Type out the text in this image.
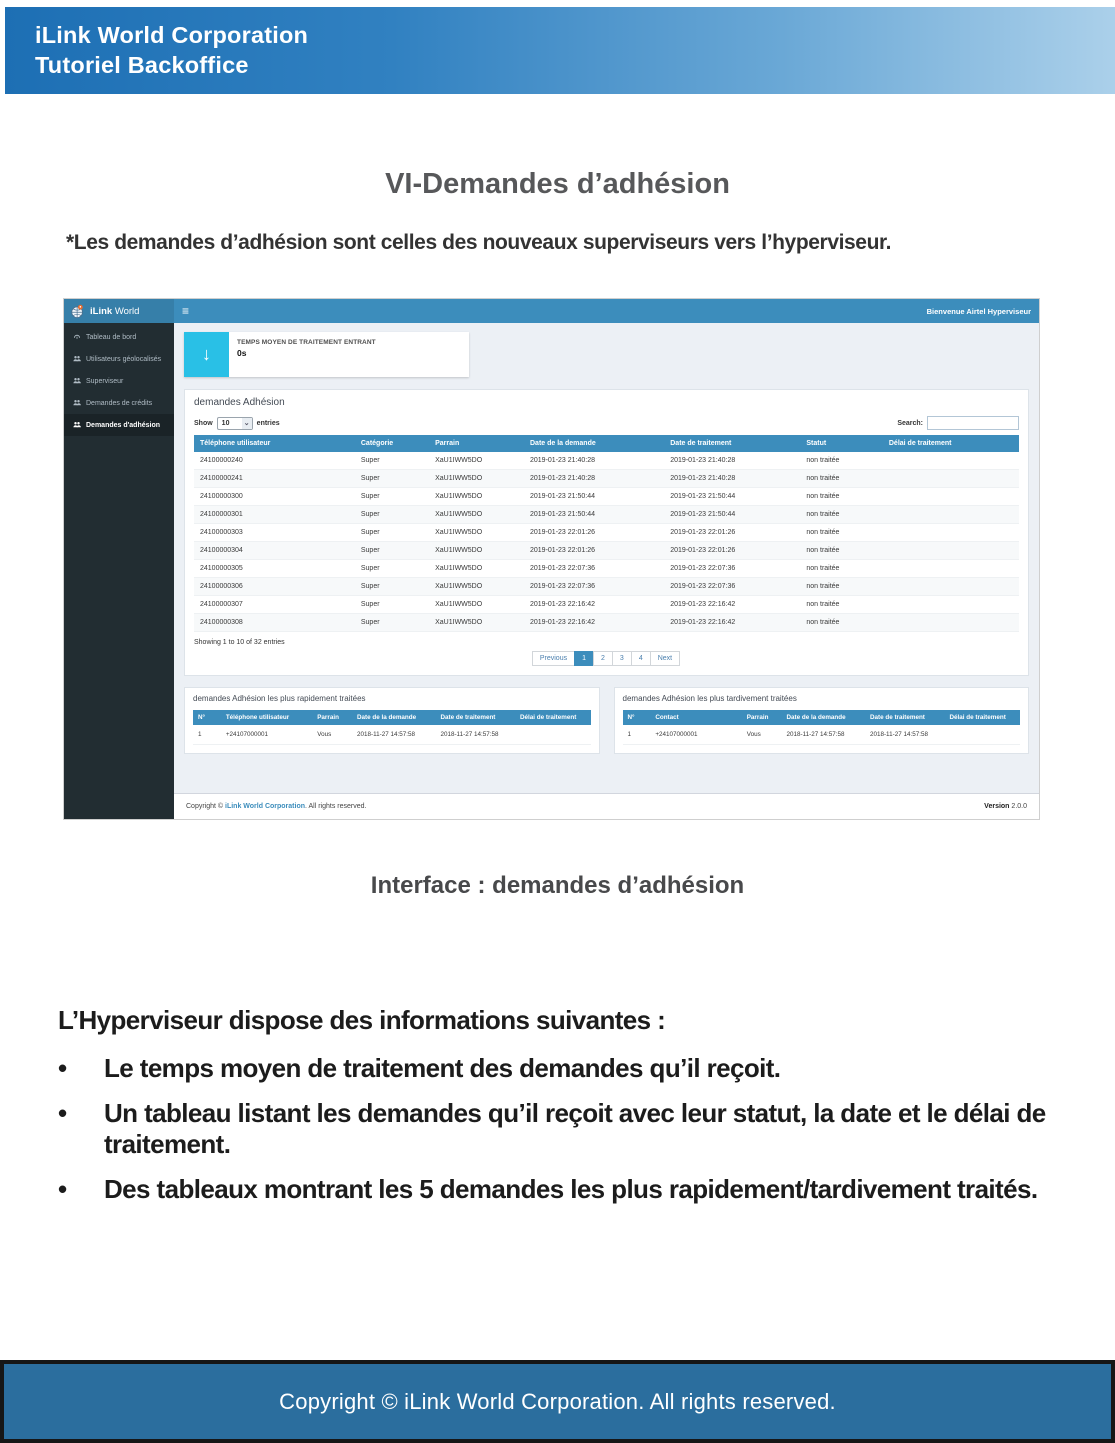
iLink World Corporation
Tutoriel Backoffice
VI-Demandes d’adhésion
*Les demandes d’adhésion sont celles des nouveaux superviseurs vers l’hyperviseur.
iLink World	≡	Bienvenue Airtel Hyperviseur
Tableau de bord
Utilisateurs géolocalisés
Superviseur
Demandes de crédits
Demandes d'adhésion
↓
TEMPS MOYEN DE TRAITEMENT ENTRANT
0s
demandes Adhésion
Show 10 ⌄ entries	Search:
Téléphone utilisateur	Catégorie	Parrain	Date de la demande	Date de traitement	Statut	Délai de traitement
24100000240	Super	XaU1IWW5DO	2019-01-23 21:40:28	2019-01-23 21:40:28	non traitée	
24100000241	Super	XaU1IWW5DO	2019-01-23 21:40:28	2019-01-23 21:40:28	non traitée	
24100000300	Super	XaU1IWW5DO	2019-01-23 21:50:44	2019-01-23 21:50:44	non traitée	
24100000301	Super	XaU1IWW5DO	2019-01-23 21:50:44	2019-01-23 21:50:44	non traitée	
24100000303	Super	XaU1IWW5DO	2019-01-23 22:01:26	2019-01-23 22:01:26	non traitée	
24100000304	Super	XaU1IWW5DO	2019-01-23 22:01:26	2019-01-23 22:01:26	non traitée	
24100000305	Super	XaU1IWW5DO	2019-01-23 22:07:36	2019-01-23 22:07:36	non traitée	
24100000306	Super	XaU1IWW5DO	2019-01-23 22:07:36	2019-01-23 22:07:36	non traitée	
24100000307	Super	XaU1IWW5DO	2019-01-23 22:16:42	2019-01-23 22:16:42	non traitée	
24100000308	Super	XaU1IWW5DO	2019-01-23 22:16:42	2019-01-23 22:16:42	non traitée	
Showing 1 to 10 of 32 entries
Previous	1	2	3	4	Next
demandes Adhésion les plus rapidement traitées
N°	Téléphone utilisateur	Parrain	Date de la demande	Date de traitement	Délai de traitement
1	+24107000001	Vous	2018-11-27 14:57:58	2018-11-27 14:57:58	
demandes Adhésion les plus tardivement traitées
N°	Contact	Parrain	Date de la demande	Date de traitement	Délai de traitement
1	+24107000001	Vous	2018-11-27 14:57:58	2018-11-27 14:57:58	
Copyright © iLink World Corporation. All rights reserved.	Version 2.0.0
Interface : demandes d’adhésion
L’Hyperviseur dispose des informations suivantes :
•	Le temps moyen de traitement des demandes qu’il reçoit.
•	Un tableau listant les demandes qu’il reçoit avec leur statut, la date et le délai de traitement.
•	Des tableaux montrant les 5 demandes les plus rapidement/tardivement traités.
Copyright © iLink World Corporation. All rights reserved.
